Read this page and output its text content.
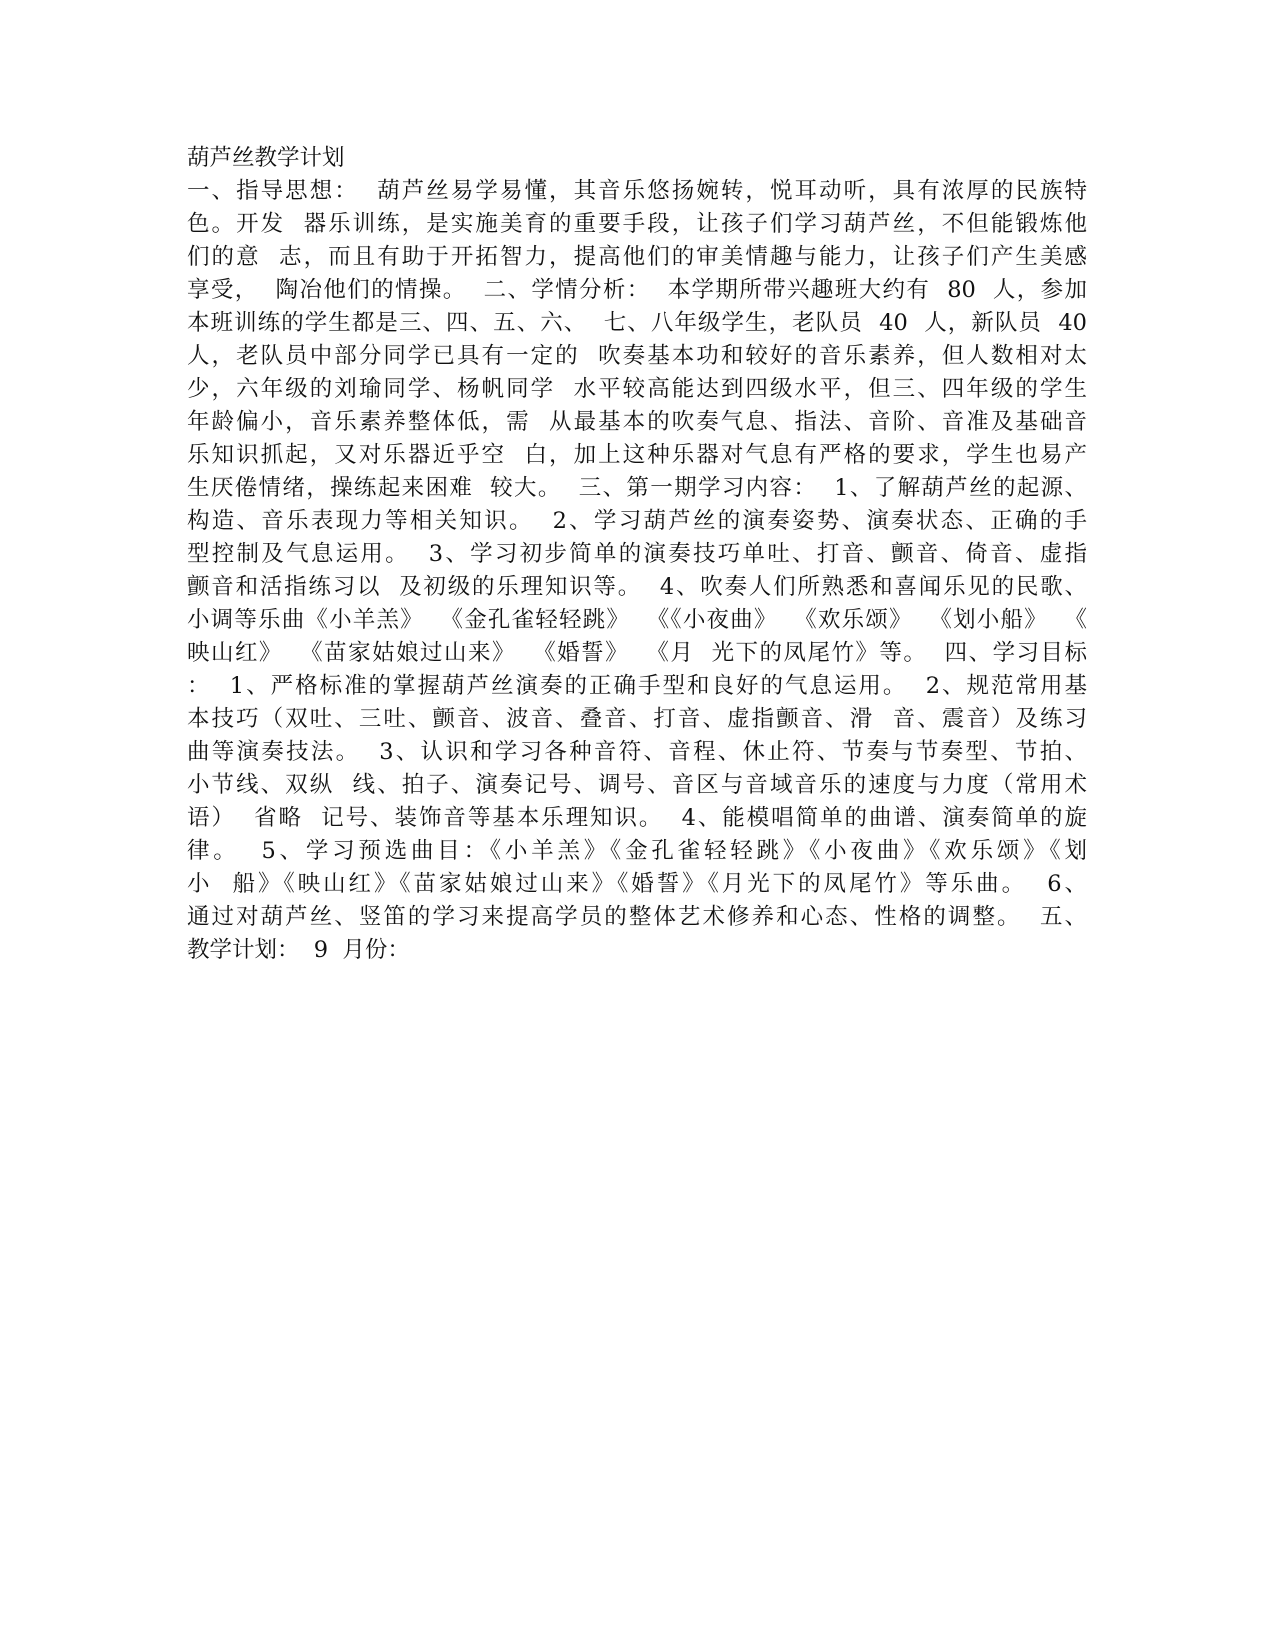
葫芦丝教学计划
一、指导思想：  葫芦丝易学易懂，其音乐悠扬婉转，悦耳动听，具有浓厚的民族特
色。开发  器乐训练，是实施美育的重要手段，让孩子们学习葫芦丝，不但能锻炼他
们的意  志，而且有助于开拓智力，提高他们的审美情趣与能力，让孩子们产生美感
享受，  陶冶他们的情操。  二、学情分析：  本学期所带兴趣班大约有  80  人，参加
本班训练的学生都是三、四、五、六、  七、八年级学生，老队员  40  人，新队员  40
人，老队员中部分同学已具有一定的  吹奏基本功和较好的音乐素养，但人数相对太
少，六年级的刘瑜同学、杨帆同学  水平较高能达到四级水平，但三、四年级的学生
年龄偏小，音乐素养整体低，需  从最基本的吹奏气息、指法、音阶、音准及基础音
乐知识抓起，又对乐器近乎空  白，加上这种乐器对气息有严格的要求，学生也易产
生厌倦情绪，操练起来困难  较大。  三、第一期学习内容：  1、了解葫芦丝的起源、
构造、音乐表现力等相关知识。  2、学习葫芦丝的演奏姿势、演奏状态、正确的手
型控制及气息运用。  3、学习初步简单的演奏技巧单吐、打音、颤音、倚音、虚指
颤音和活指练习以  及初级的乐理知识等。  4、吹奏人们所熟悉和喜闻乐见的民歌、
小调等乐曲《小羊羔》  《金孔雀轻轻跳》  《《小夜曲》  《欢乐颂》  《划小船》  《
映山红》  《苗家姑娘过山来》  《婚誓》  《月  光下的凤尾竹》等。  四、学习目标
：  1、严格标准的掌握葫芦丝演奏的正确手型和良好的气息运用。  2、规范常用基
本技巧（双吐、三吐、颤音、波音、叠音、打音、虚指颤音、滑  音、震音）及练习
曲等演奏技法。  3、认识和学习各种音符、音程、休止符、节奏与节奏型、节拍、
小节线、双纵  线、拍子、演奏记号、调号、音区与音域音乐的速度与力度（常用术
语）  省略  记号、装饰音等基本乐理知识。  4、能模唱简单的曲谱、演奏简单的旋
律。  5、学习预选曲目：《小羊羔》《金孔雀轻轻跳》《小夜曲》《欢乐颂》《划
小  船》《映山红》《苗家姑娘过山来》《婚誓》《月光下的凤尾竹》等乐曲。  6、
通过对葫芦丝、竖笛的学习来提高学员的整体艺术修养和心态、性格的调整。  五、
教学计划：  9  月份：
